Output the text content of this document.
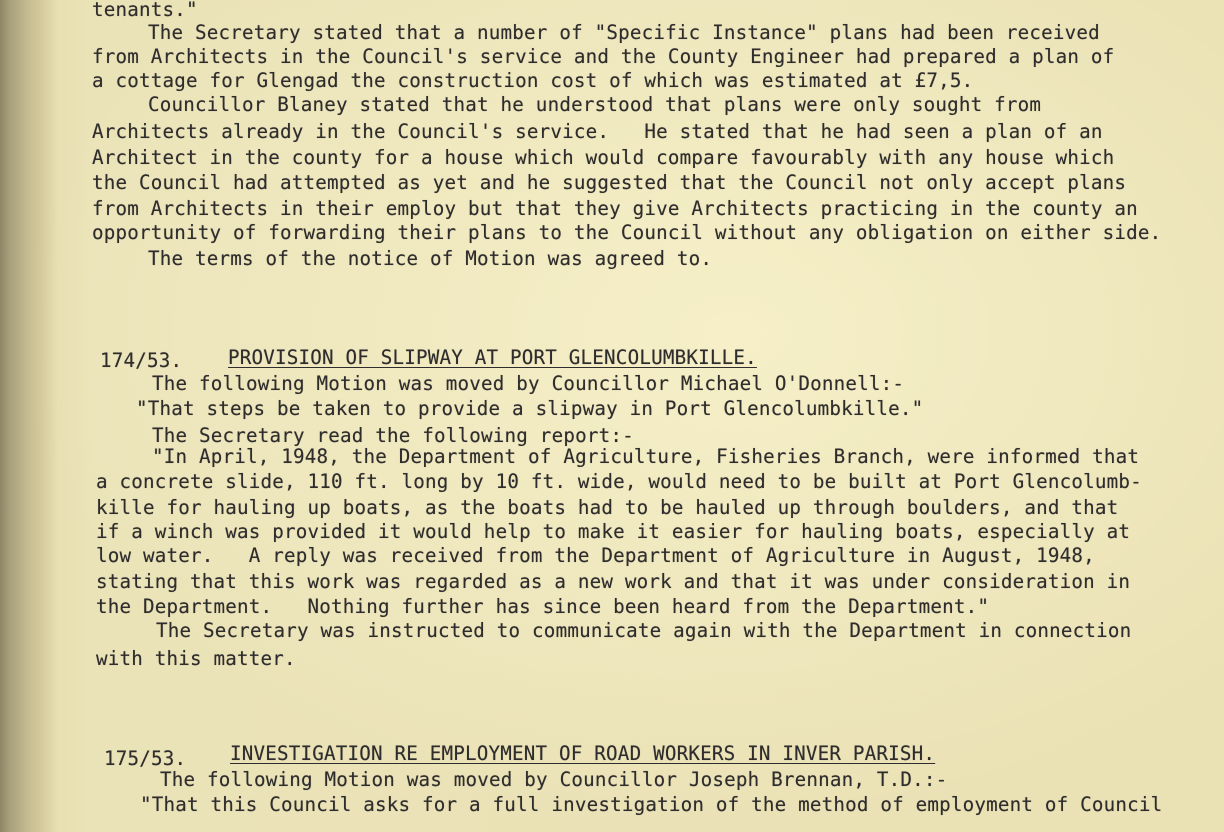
tenants."
The Secretary stated that a number of "Specific Instance" plans had been received
from Architects in the Council's service and the County Engineer had prepared a plan of
a cottage for Glengad the construction cost of which was estimated at £7,5.
Councillor Blaney stated that he understood that plans were only sought from
Architects already in the Council's service.   He stated that he had seen a plan of an
Architect in the county for a house which would compare favourably with any house which
the Council had attempted as yet and he suggested that the Council not only accept plans
from Architects in their employ but that they give Architects practicing in the county an
opportunity of forwarding their plans to the Council without any obligation on either side.
The terms of the notice of Motion was agreed to.
174/53. PROVISION OF SLIPWAY AT PORT GLENCOLUMBKILLE.
The following Motion was moved by Councillor Michael O'Donnell:-
"That steps be taken to provide a slipway in Port Glencolumbkille."
The Secretary read the following report:-
"In April, 1948, the Department of Agriculture, Fisheries Branch, were informed that
a concrete slide, 110 ft. long by 10 ft. wide, would need to be built at Port Glencolumb-
kille for hauling up boats, as the boats had to be hauled up through boulders, and that
if a winch was provided it would help to make it easier for hauling boats, especially at
low water.   A reply was received from the Department of Agriculture in August, 1948,
stating that this work was regarded as a new work and that it was under consideration in
the Department.   Nothing further has since been heard from the Department."
The Secretary was instructed to communicate again with the Department in connection
with this matter.
175/53. INVESTIGATION RE EMPLOYMENT OF ROAD WORKERS IN INVER PARISH.
The following Motion was moved by Councillor Joseph Brennan, T.D.:-
"That this Council asks for a full investigation of the method of employment of Council
